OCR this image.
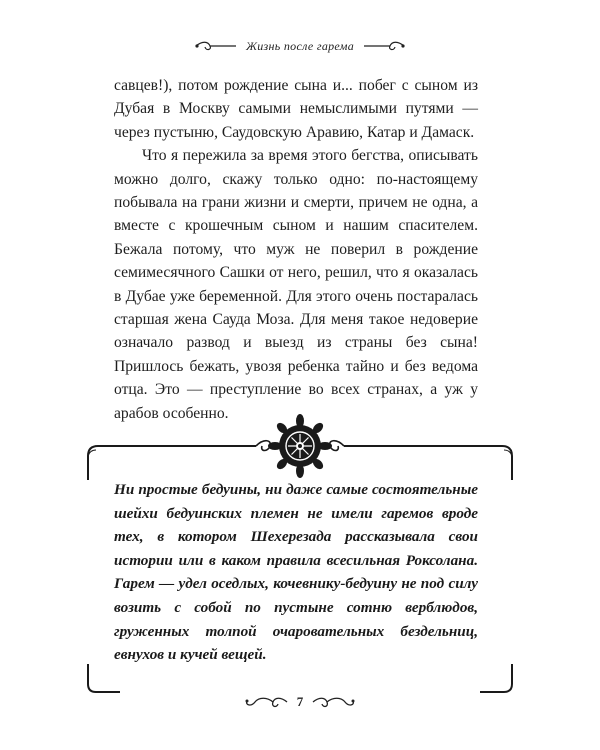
Жизнь после гарема

савцев!), потом рождение сына и... побег с сыном из Дубая в Москву самыми немыслимыми путями — через пустыню, Саудовскую Аравию, Катар и Дамаск.

Что я пережила за время этого бегства, описывать можно долго, скажу только одно: по-настоящему побывала на грани жизни и смерти, причем не одна, а вместе с крошечным сыном и нашим спасителем. Бежала потому, что муж не поверил в рождение семимесячного Сашки от него, решил, что я оказалась в Дубае уже беременной. Для этого очень постаралась старшая жена Сауда Моза. Для меня такое недоверие означало развод и выезд из страны без сына! Пришлось бежать, увозя ребенка тайно и без ведома отца. Это — преступление во всех странах, а уж у арабов особенно.

Ни простые бедуины, ни даже самые состоятельные шейхи бедуинских племен не имели гаремов вроде тех, в котором Шехерезада рассказывала свои истории или в каком правила всесильная Роксолана. Гарем — удел оседлых, кочевнику-бедуину не под силу возить с собой по пустыне сотню верблюдов, груженных толпой очаровательных бездельниц, евнухов и кучей вещей.

7
